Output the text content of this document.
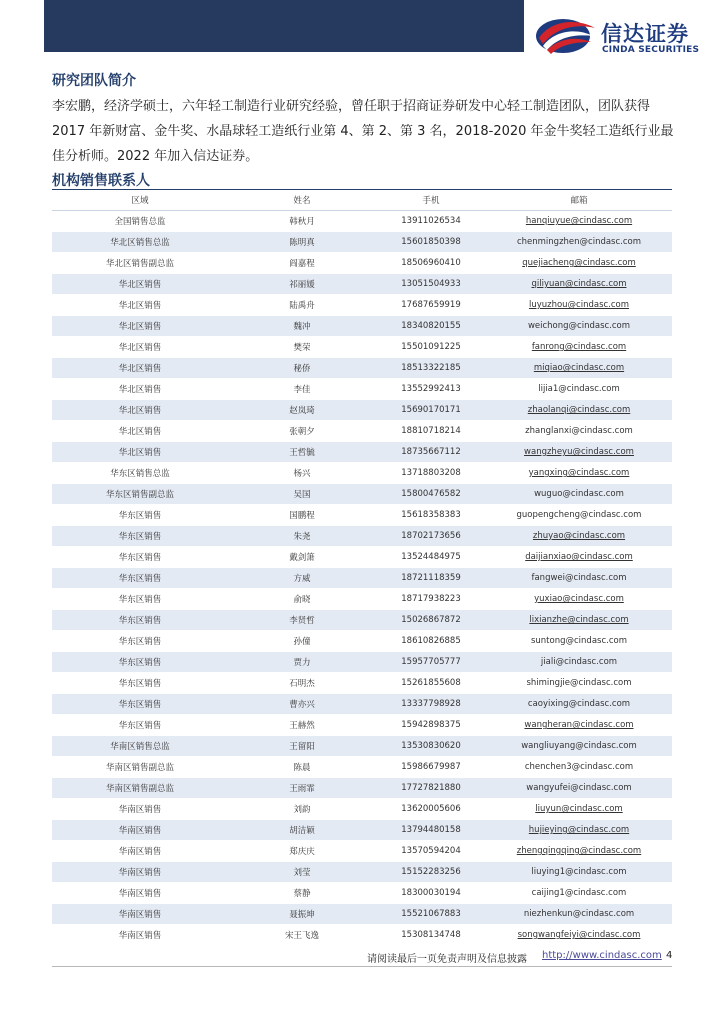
信达证券
CINDA SECURITIES
研究团队简介
李宏鹏，经济学硕士，六年轻工制造行业研究经验，曾任职于招商证券研发中心轻工制造团队，团队获得
2017 年新财富、金牛奖、水晶球轻工造纸行业第 4、第 2、第 3 名，2018-2020 年金牛奖轻工造纸行业最
佳分析师。2022 年加入信达证券。
机构销售联系人
区域	姓名	手机	邮箱
全国销售总监	韩秋月	13911026534	hanqiuyue@cindasc.com
华北区销售总监	陈明真	15601850398	chenmingzhen@cindasc.com
华北区销售副总监	阎嘉程	18506960410	quejiacheng@cindasc.com
华北区销售	祁丽媛	13051504933	qiliyuan@cindasc.com
华北区销售	陆禹舟	17687659919	luyuzhou@cindasc.com
华北区销售	魏冲	18340820155	weichong@cindasc.com
华北区销售	樊荣	15501091225	fanrong@cindasc.com
华北区销售	秘侨	18513322185	miqiao@cindasc.com
华北区销售	李佳	13552992413	lijia1@cindasc.com
华北区销售	赵岚琦	15690170171	zhaolanqi@cindasc.com
华北区销售	张朝夕	18810718214	zhanglanxi@cindasc.com
华北区销售	王哲毓	18735667112	wangzheyu@cindasc.com
华东区销售总监	杨兴	13718803208	yangxing@cindasc.com
华东区销售副总监	吴国	15800476582	wuguo@cindasc.com
华东区销售	国鹏程	15618358383	guopengcheng@cindasc.com
华东区销售	朱尧	18702173656	zhuyao@cindasc.com
华东区销售	戴剑箫	13524484975	daijianxiao@cindasc.com
华东区销售	方威	18721118359	fangwei@cindasc.com
华东区销售	俞晓	18717938223	yuxiao@cindasc.com
华东区销售	李贤哲	15026867872	lixianzhe@cindasc.com
华东区销售	孙僮	18610826885	suntong@cindasc.com
华东区销售	贾力	15957705777	jiali@cindasc.com
华东区销售	石明杰	15261855608	shimingjie@cindasc.com
华东区销售	曹亦兴	13337798928	caoyixing@cindasc.com
华东区销售	王赫然	15942898375	wangheran@cindasc.com
华南区销售总监	王留阳	13530830620	wangliuyang@cindasc.com
华南区销售副总监	陈晨	15986679987	chenchen3@cindasc.com
华南区销售副总监	王雨霏	17727821880	wangyufei@cindasc.com
华南区销售	刘韵	13620005606	liuyun@cindasc.com
华南区销售	胡洁颖	13794480158	hujieying@cindasc.com
华南区销售	郑庆庆	13570594204	zhengqingqing@cindasc.com
华南区销售	刘莹	15152283256	liuying1@cindasc.com
华南区销售	蔡静	18300030194	caijing1@cindasc.com
华南区销售	聂振坤	15521067883	niezhenkun@cindasc.com
华南区销售	宋王飞逸	15308134748	songwangfeiyi@cindasc.com
请阅读最后一页免责声明及信息披露 http://www.cindasc.com 4
